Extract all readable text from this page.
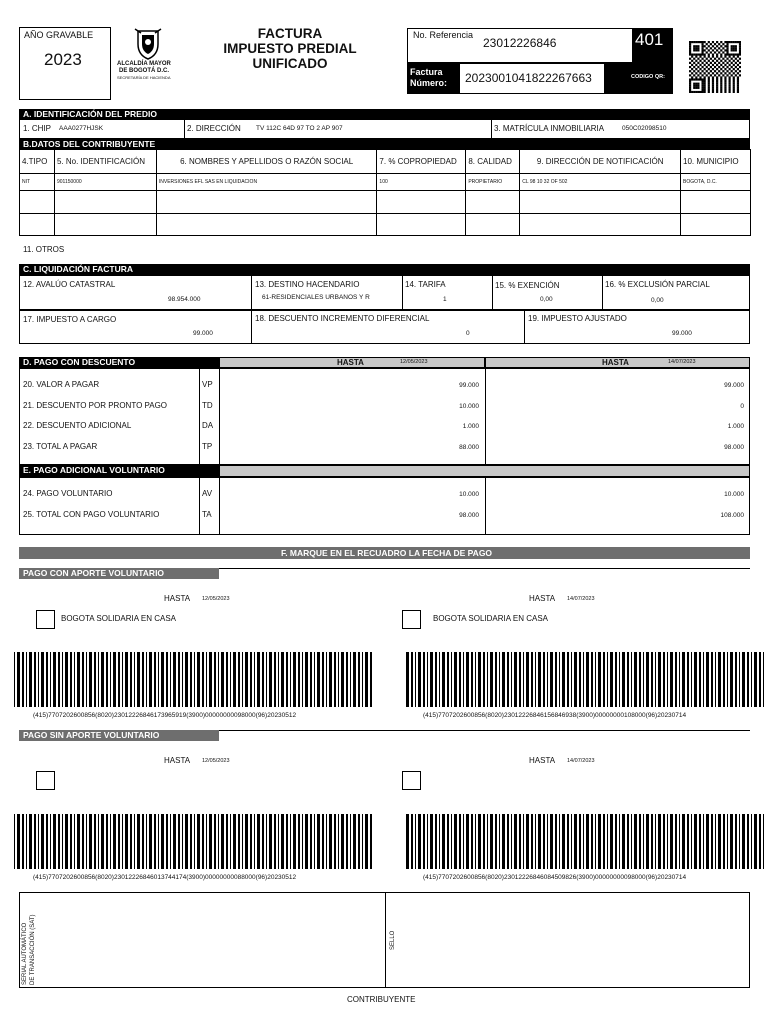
AÑO GRAVABLE
2023	ALCALDÍA MAYOR
DE BOGOTÁ D.C.
SECRETARÍA DE HACIENDA
FACTURA
IMPUESTO PREDIAL
UNIFICADO
No. Referencia
23012226846	401
Factura
Número: 2023001041822267663	CODIGO QR:
A. IDENTIFICACIÓN DEL PREDIO
1. CHIP AAA0277HJSK	2. DIRECCIÓN TV 112C 64D 97 TO 2 AP 907	3. MATRÍCULA INMOBILIARIA	050C02098510
B.DATOS DEL CONTRIBUYENTE
4.TIPO	5. No. IDENTIFICACIÓN	6. NOMBRES Y APELLIDOS O RAZÓN SOCIAL	7. % COPROPIEDAD	8. CALIDAD	9. DIRECCIÓN DE NOTIFICACIÓN	10. MUNICIPIO
NIT	901150000	INVERSIONES EFL SAS EN LIQUIDACION	100	PROPIETARIO	CL 98 10 32 OF 502	BOGOTA, D.C.

11. OTROS
C. LIQUIDACIÓN FACTURA
12. AVALÚO CATASTRAL
98.954.000
13. DESTINO HACENDARIO
61-RESIDENCIALES URBANOS Y R
14. TARIFA
1
15. % EXENCIÓN
0,00
16. % EXCLUSIÓN PARCIAL
0,00
17. IMPUESTO A CARGO
99.000
18. DESCUENTO INCREMENTO DIFERENCIAL
0
19. IMPUESTO AJUSTADO
99.000
D. PAGO CON DESCUENTO	HASTA	12/05/2023	HASTA	14/07/2023
20. VALOR A PAGAR	VP	99.000	99.000
21. DESCUENTO POR PRONTO PAGO	TD	10.000	0
22. DESCUENTO ADICIONAL	DA	1.000	1.000
23. TOTAL A PAGAR	TP	88.000	98.000
E. PAGO ADICIONAL VOLUNTARIO
24. PAGO VOLUNTARIO	AV	10.000	10.000
25. TOTAL CON PAGO VOLUNTARIO	TA	98.000	108.000
F. MARQUE EN EL RECUADRO LA FECHA DE PAGO
PAGO CON APORTE VOLUNTARIO
HASTA 12/05/2023	HASTA 14/07/2023
BOGOTA SOLIDARIA EN CASA	BOGOTA SOLIDARIA EN CASA
(415)7707202600856(8020)2301222684617396591​9(3900)00000000098000(96)20230512	(415)7707202600856(8020)23012226846156846938(3900)00000000108000(96)20230714
PAGO SIN APORTE VOLUNTARIO
HASTA 12/05/2023	HASTA 14/07/2023
(415)7707202600856(8020)23012226846013744174(3900)00000000088000(96)20230512	(415)7707202600856(8020)23012226846084509826(3900)00000000098000(96)20230714
SERIAL AUTOMÁTICO DE TRANSACCIÓN (SAT)	SELLO
CONTRIBUYENTE
